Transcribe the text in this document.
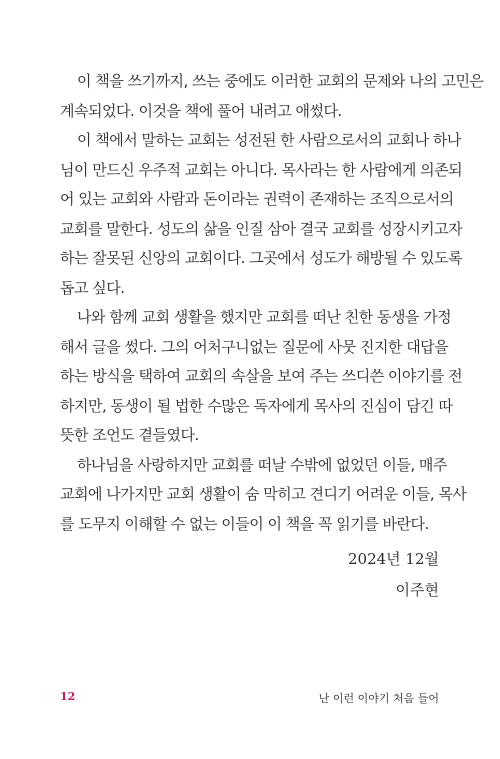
이 책을 쓰기까지, 쓰는 중에도 이러한 교회의 문제와 나의 고민은
계속되었다. 이것을 책에 풀어 내려고 애썼다.
이 책에서 말하는 교회는 성전된 한 사람으로서의 교회나 하나
님이 만드신 우주적 교회는 아니다. 목사라는 한 사람에게 의존되
어 있는 교회와 사람과 돈이라는 권력이 존재하는 조직으로서의
교회를 말한다. 성도의 삶을 인질 삼아 결국 교회를 성장시키고자
하는 잘못된 신앙의 교회이다. 그곳에서 성도가 해방될 수 있도록
돕고 싶다.
나와 함께 교회 생활을 했지만 교회를 떠난 친한 동생을 가정
해서 글을 썼다. 그의 어처구니없는 질문에 사뭇 진지한 대답을
하는 방식을 택하여 교회의 속살을 보여 주는 쓰디쓴 이야기를 전
하지만, 동생이 될 법한 수많은 독자에게 목사의 진심이 담긴 따
뜻한 조언도 곁들였다.
하나님을 사랑하지만 교회를 떠날 수밖에 없었던 이들, 매주
교회에 나가지만 교회 생활이 숨 막히고 견디기 어려운 이들, 목사
를 도무지 이해할 수 없는 이들이 이 책을 꼭 읽기를 바란다.
2024년 12월
이주현
12	난 이런 이야기 처음 들어
